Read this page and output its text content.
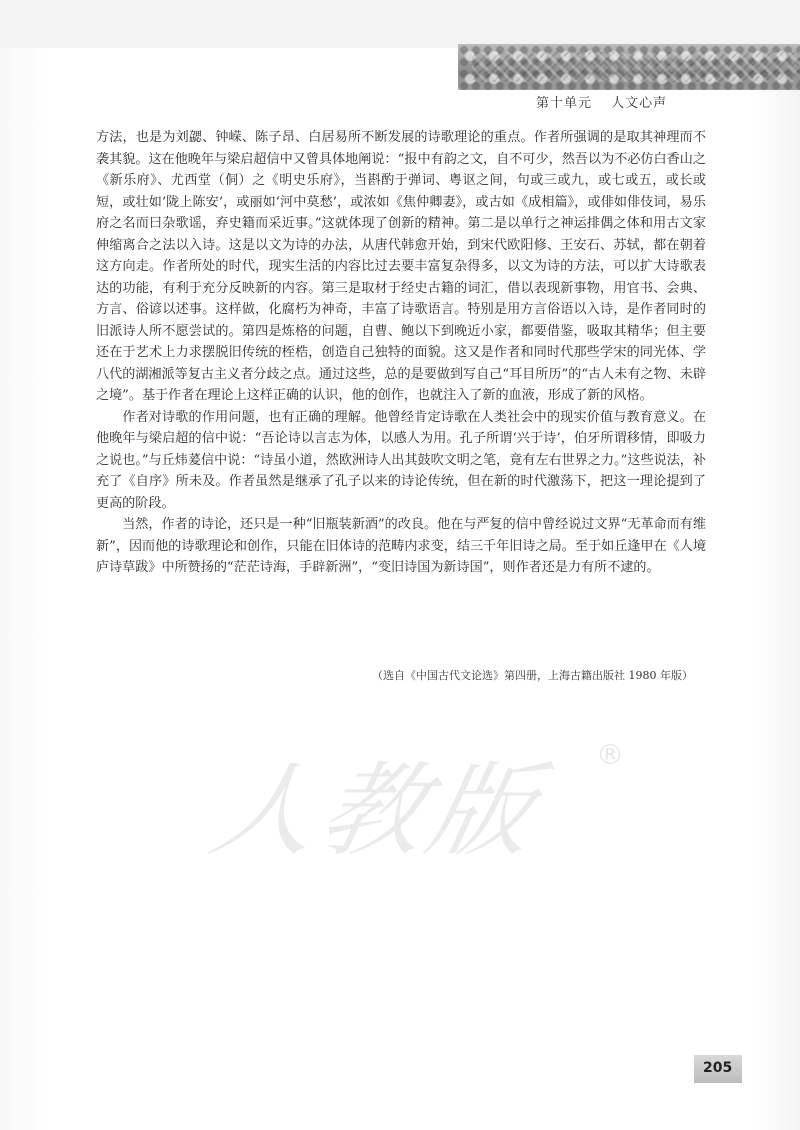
第十单元 人文心声
人教版 ®

方法，也是为刘勰、钟嵘、陈子昂、白居易所不断发展的诗歌理论的重点。作者所强调的是取其神理而不袭其貌。这在他晚年与梁启超信中又曾具体地阐说：“报中有韵之文，自不可少，然吾以为不必仿白香山之《新乐府》、尤西堂（侗）之《明史乐府》，当斟酌于弹词、粤讴之间，句或三或九，或七或五，或长或短，或壮如‘陇上陈安’，或丽如‘河中莫愁’，或浓如《焦仲卿妻》，或古如《成相篇》，或俳如俳伎词，易乐府之名而曰杂歌谣，弃史籍而采近事。”这就体现了创新的精神。第二是以单行之神运排偶之体和用古文家伸缩离合之法以入诗。这是以文为诗的办法，从唐代韩愈开始，到宋代欧阳修、王安石、苏轼，都在朝着这方向走。作者所处的时代，现实生活的内容比过去要丰富复杂得多，以文为诗的方法，可以扩大诗歌表达的功能，有利于充分反映新的内容。第三是取材于经史古籍的词汇，借以表现新事物，用官书、会典、方言、俗谚以述事。这样做，化腐朽为神奇，丰富了诗歌语言。特别是用方言俗语以入诗，是作者同时的旧派诗人所不愿尝试的。第四是炼格的问题，自曹、鲍以下到晚近小家，都要借鉴，吸取其精华；但主要还在于艺术上力求摆脱旧传统的桎梏，创造自己独特的面貌。这又是作者和同时代那些学宋的同光体、学八代的湖湘派等复古主义者分歧之点。通过这些，总的是要做到写自己“耳目所历”的“古人未有之物、未辟之境”。基于作者在理论上这样正确的认识，他的创作，也就注入了新的血液，形成了新的风格。

作者对诗歌的作用问题，也有正确的理解。他曾经肯定诗歌在人类社会中的现实价值与教育意义。在他晚年与梁启超的信中说：“吾论诗以言志为体，以感人为用。孔子所谓‘兴于诗’，伯牙所谓移情，即吸力之说也。”与丘炜萲信中说：“诗虽小道，然欧洲诗人出其鼓吹文明之笔，竟有左右世界之力。”这些说法，补充了《自序》所未及。作者虽然是继承了孔子以来的诗论传统，但在新的时代激荡下，把这一理论提到了更高的阶段。

当然，作者的诗论，还只是一种“旧瓶装新酒”的改良。他在与严复的信中曾经说过文界“无革命而有维新”，因而他的诗歌理论和创作，只能在旧体诗的范畴内求变，结三千年旧诗之局。至于如丘逢甲在《人境庐诗草跋》中所赞扬的“茫茫诗海，手辟新洲”，“变旧诗国为新诗国”，则作者还是力有所不逮的。

（选自《中国古代文论选》第四册，上海古籍出版社 1980 年版）
205
